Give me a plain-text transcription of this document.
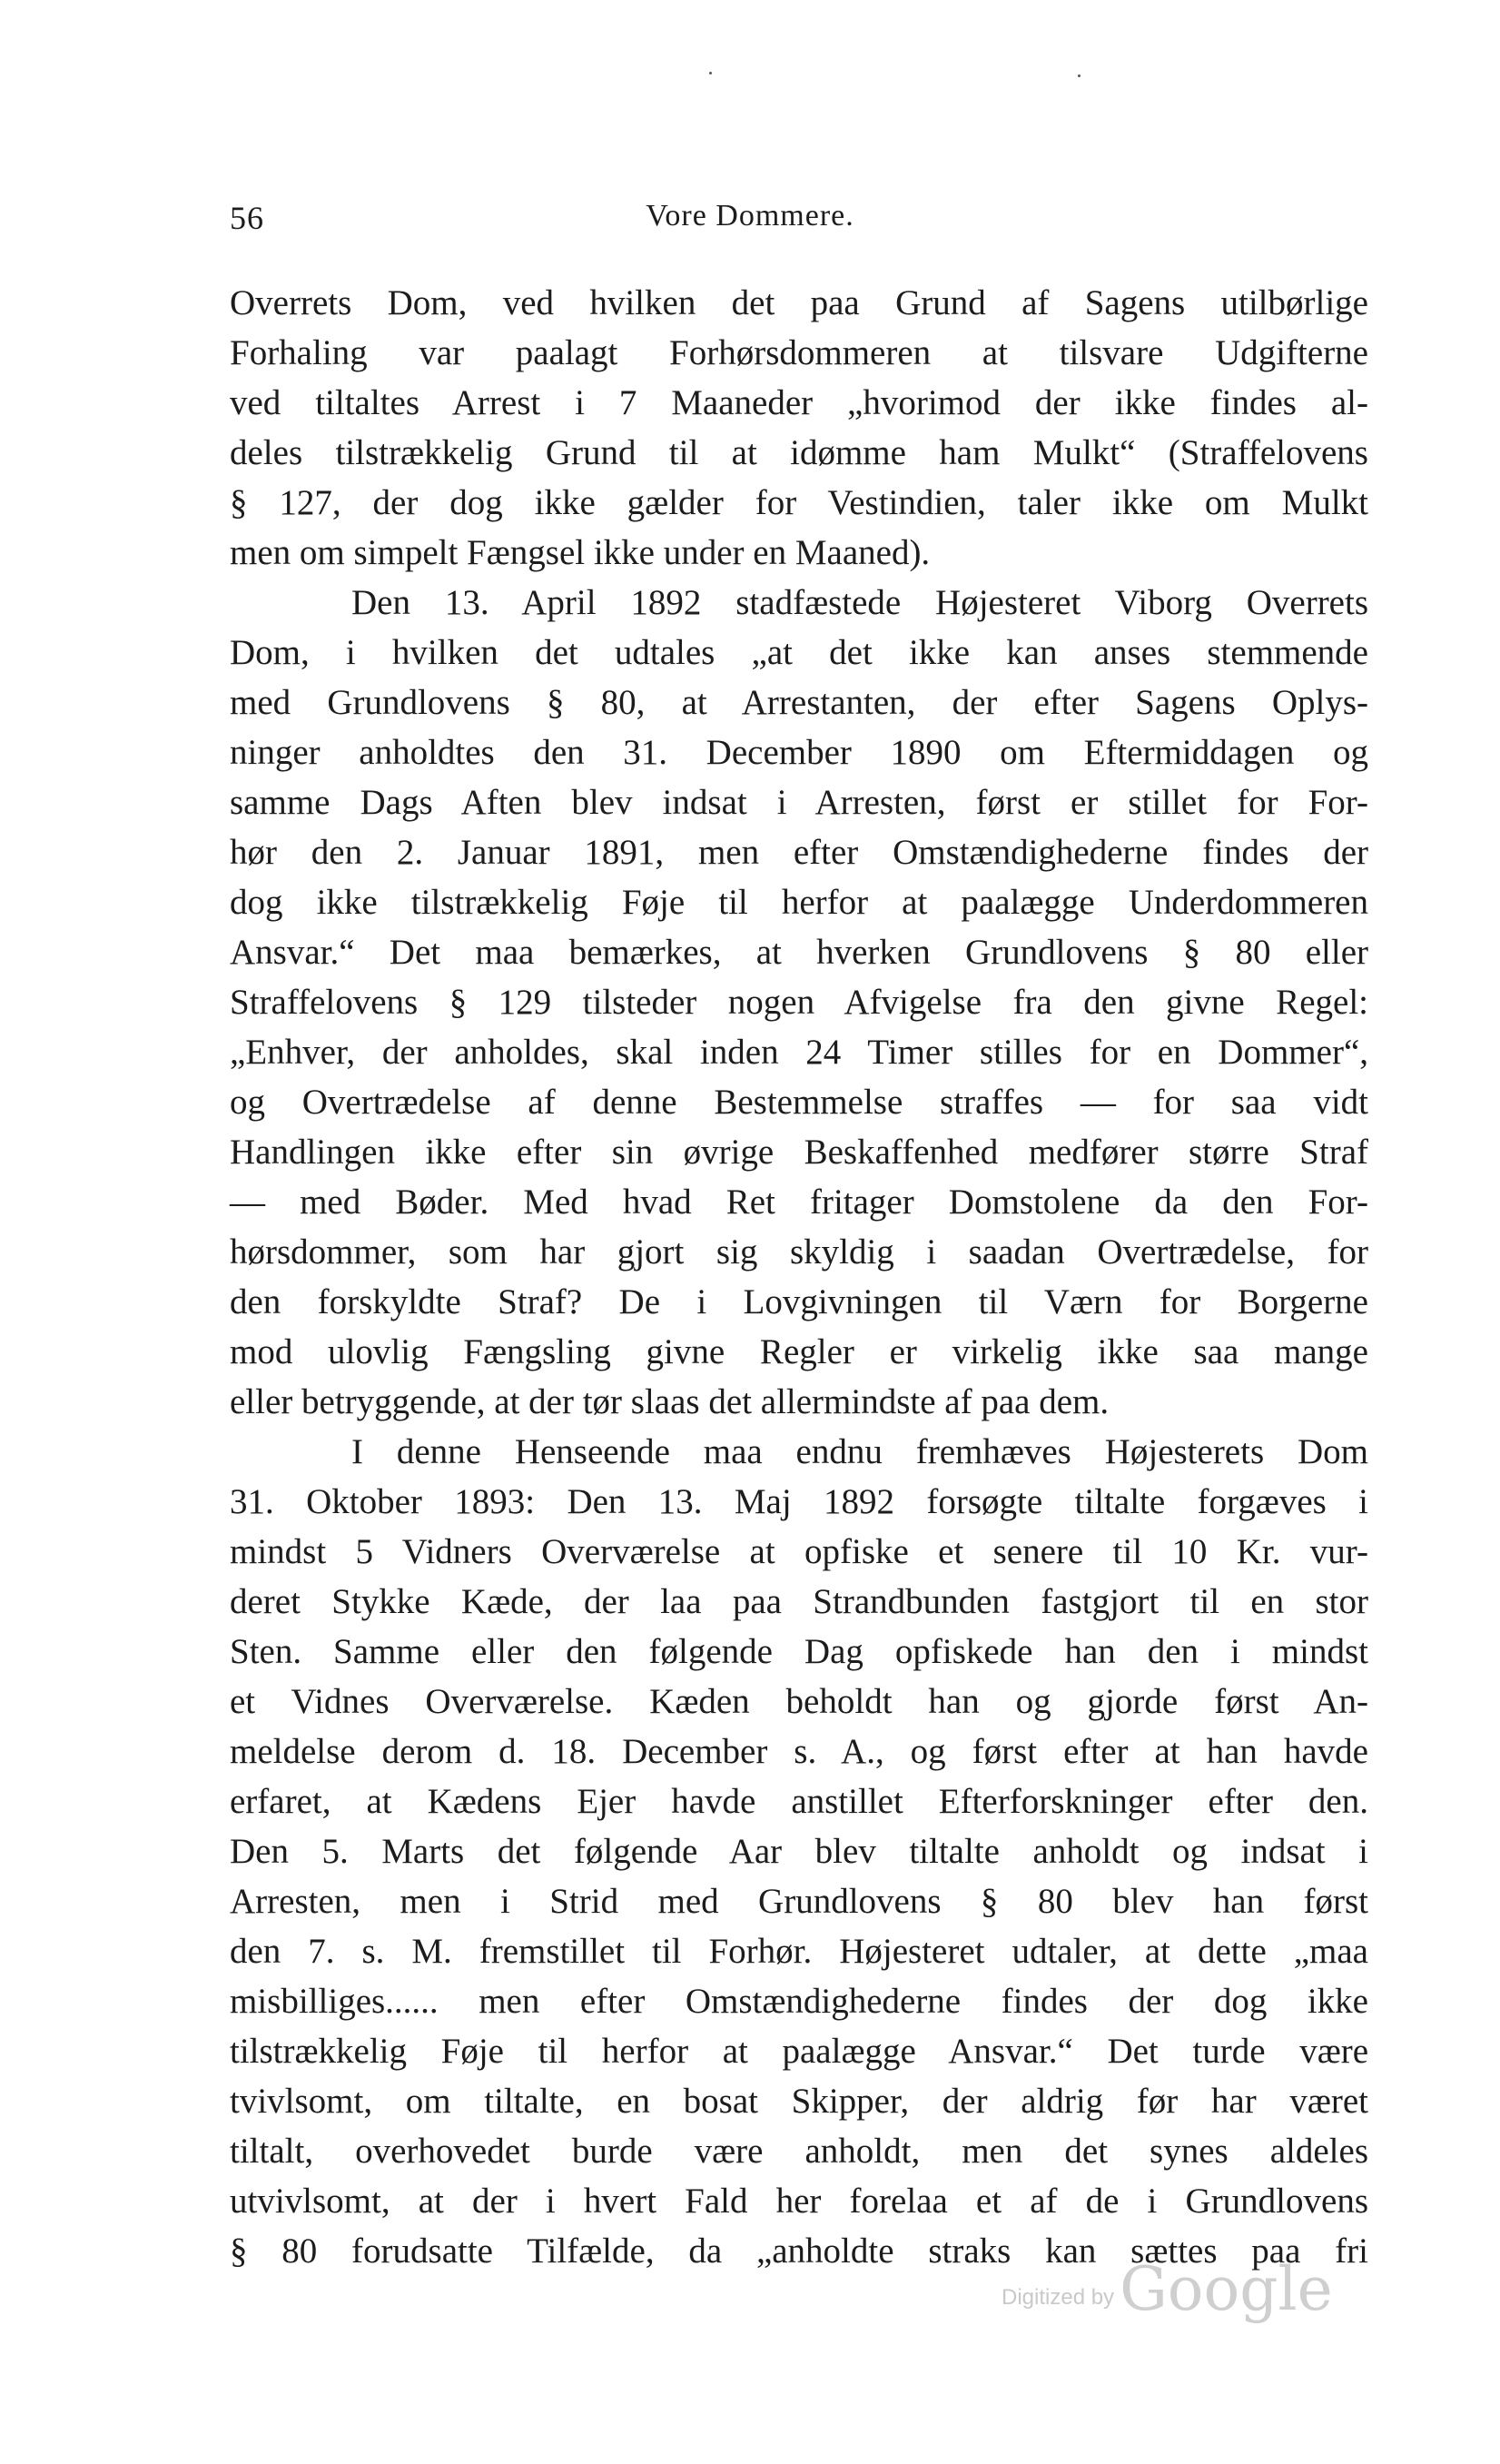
56	Vore Dommere.
Overrets Dom, ved hvilken det paa Grund af Sagens utilbørlige
Forhaling var paalagt Forhørsdommeren at tilsvare Udgifterne
ved tiltaltes Arrest i 7 Maaneder „hvorimod der ikke findes al-
deles tilstrækkelig Grund til at idømme ham Mulkt“ (Straffelovens
§ 127, der dog ikke gælder for Vestindien, taler ikke om Mulkt
men om simpelt Fængsel ikke under en Maaned).
Den 13. April 1892 stadfæstede Højesteret Viborg Overrets
Dom, i hvilken det udtales „at det ikke kan anses stemmende
med Grundlovens § 80, at Arrestanten, der efter Sagens Oplys-
ninger anholdtes den 31. December 1890 om Eftermiddagen og
samme Dags Aften blev indsat i Arresten, først er stillet for For-
hør den 2. Januar 1891, men efter Omstændighederne findes der
dog ikke tilstrækkelig Føje til herfor at paalægge Underdommeren
Ansvar.“ Det maa bemærkes, at hverken Grundlovens § 80 eller
Straffelovens § 129 tilsteder nogen Afvigelse fra den givne Regel:
„Enhver, der anholdes, skal inden 24 Timer stilles for en Dommer“,
og Overtrædelse af denne Bestemmelse straffes — for saa vidt
Handlingen ikke efter sin øvrige Beskaffenhed medfører større Straf
— med Bøder. Med hvad Ret fritager Domstolene da den For-
hørsdommer, som har gjort sig skyldig i saadan Overtrædelse, for
den forskyldte Straf? De i Lovgivningen til Værn for Borgerne
mod ulovlig Fængsling givne Regler er virkelig ikke saa mange
eller betryggende, at der tør slaas det allermindste af paa dem.
I denne Henseende maa endnu fremhæves Højesterets Dom
31. Oktober 1893: Den 13. Maj 1892 forsøgte tiltalte forgæves i
mindst 5 Vidners Overværelse at opfiske et senere til 10 Kr. vur-
deret Stykke Kæde, der laa paa Strandbunden fastgjort til en stor
Sten. Samme eller den følgende Dag opfiskede han den i mindst
et Vidnes Overværelse. Kæden beholdt han og gjorde først An-
meldelse derom d. 18. December s. A., og først efter at han havde
erfaret, at Kædens Ejer havde anstillet Efterforskninger efter den.
Den 5. Marts det følgende Aar blev tiltalte anholdt og indsat i
Arresten, men i Strid med Grundlovens § 80 blev han først
den 7. s. M. fremstillet til Forhør. Højesteret udtaler, at dette „maa
misbilliges...... men efter Omstændighederne findes der dog ikke
tilstrækkelig Føje til herfor at paalægge Ansvar.“ Det turde være
tvivlsomt, om tiltalte, en bosat Skipper, der aldrig før har været
tiltalt, overhovedet burde være anholdt, men det synes aldeles
utvivlsomt, at der i hvert Fald her forelaa et af de i Grundlovens
§ 80 forudsatte Tilfælde, da „anholdte straks kan sættes paa fri
Digitized by Google
